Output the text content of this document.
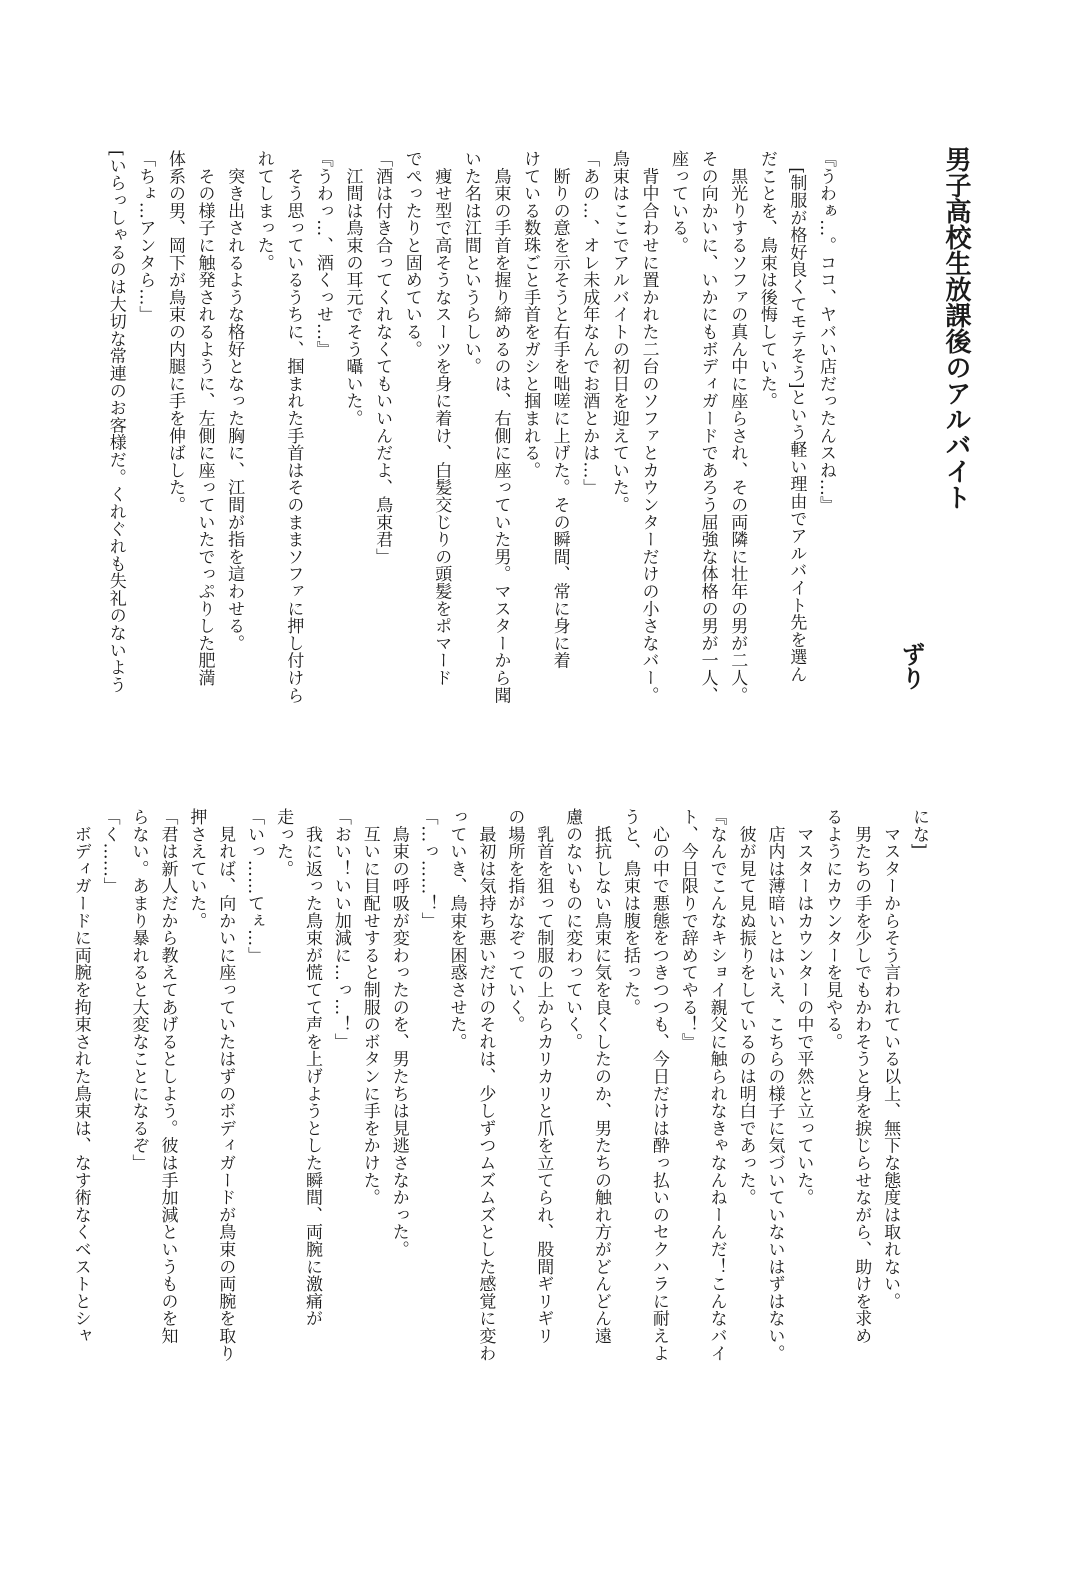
男子高校生放課後のアルバイト
ずり
『うわぁ…。ココ、ヤバい店だったんスね…』
　[制服が格好良くてモテそう]という軽い理由でアルバイト先を選ん
だことを、鳥束は後悔していた。
　黒光りするソファの真ん中に座らされ、その両隣に壮年の男が二人。
その向かいに、いかにもボディガードであろう屈強な体格の男が一人、
座っている。
　背中合わせに置かれた二台のソファとカウンターだけの小さなバー。
鳥束はここでアルバイトの初日を迎えていた。
「あの…、オレ未成年なんでお酒とかは…」
　断りの意を示そうと右手を咄嗟に上げた。その瞬間、常に身に着
けている数珠ごと手首をガシと掴まれる。
　鳥束の手首を握り締めるのは、右側に座っていた男。マスターから聞
いた名は江間というらしい。
　痩せ型で高そうなスーツを身に着け、白髪交じりの頭髪をポマード
でぺったりと固めている。
「酒は付き合ってくれなくてもいいんだよ、鳥束君」
　江間は鳥束の耳元でそう囁いた。
『うわっ…、酒くっせ…』
　そう思っているうちに、掴まれた手首はそのままソファに押し付けら
れてしまった。
　突き出されるような格好となった胸に、江間が指を這わせる。
　その様子に触発されるように、左側に座っていたでっぷりした肥満
体系の男、岡下が鳥束の内腿に手を伸ばした。
「ちょ…アンタら…」
[いらっしゃるのは大切な常連のお客様だ。くれぐれも失礼のないよう
にな]
　マスターからそう言われている以上、無下な態度は取れない。
　男たちの手を少しでもかわそうと身を捩じらせながら、助けを求め
るようにカウンターを見やる。
　マスターはカウンターの中で平然と立っていた。
　店内は薄暗いとはいえ、こちらの様子に気づいていないはずはない。
　彼が見て見ぬ振りをしているのは明白であった。
『なんでこんなキショイ親父に触られなきゃなんねーんだ！こんなバイ
ト、今日限りで辞めてやる！』
　心の中で悪態をつきつつも、今日だけは酔っ払いのセクハラに耐えよ
うと、鳥束は腹を括った。
　抵抗しない鳥束に気を良くしたのか、男たちの触れ方がどんどん遠
慮のないものに変わっていく。
　乳首を狙って制服の上からカリカリと爪を立てられ、股間ギリギリ
の場所を指がなぞっていく。
　最初は気持ち悪いだけのそれは、少しずつムズムズとした感覚に変わ
っていき、鳥束を困惑させた。
「…っ……！」
　鳥束の呼吸が変わったのを、男たちは見逃さなかった。
　互いに目配せすると制服のボタンに手をかけた。
「おい！いい加減に…っ…！」
　我に返った鳥束が慌てて声を上げようとした瞬間、両腕に激痛が
走った。
「いっ……てぇ…」
　見れば、向かいに座っていたはずのボディガードが鳥束の両腕を取り
押さえていた。
「君は新人だから教えてあげるとしよう。彼は手加減というものを知
らない。あまり暴れると大変なことになるぞ」
「く……」
　ボディガードに両腕を拘束された鳥束は、なす術なくベストとシャ
